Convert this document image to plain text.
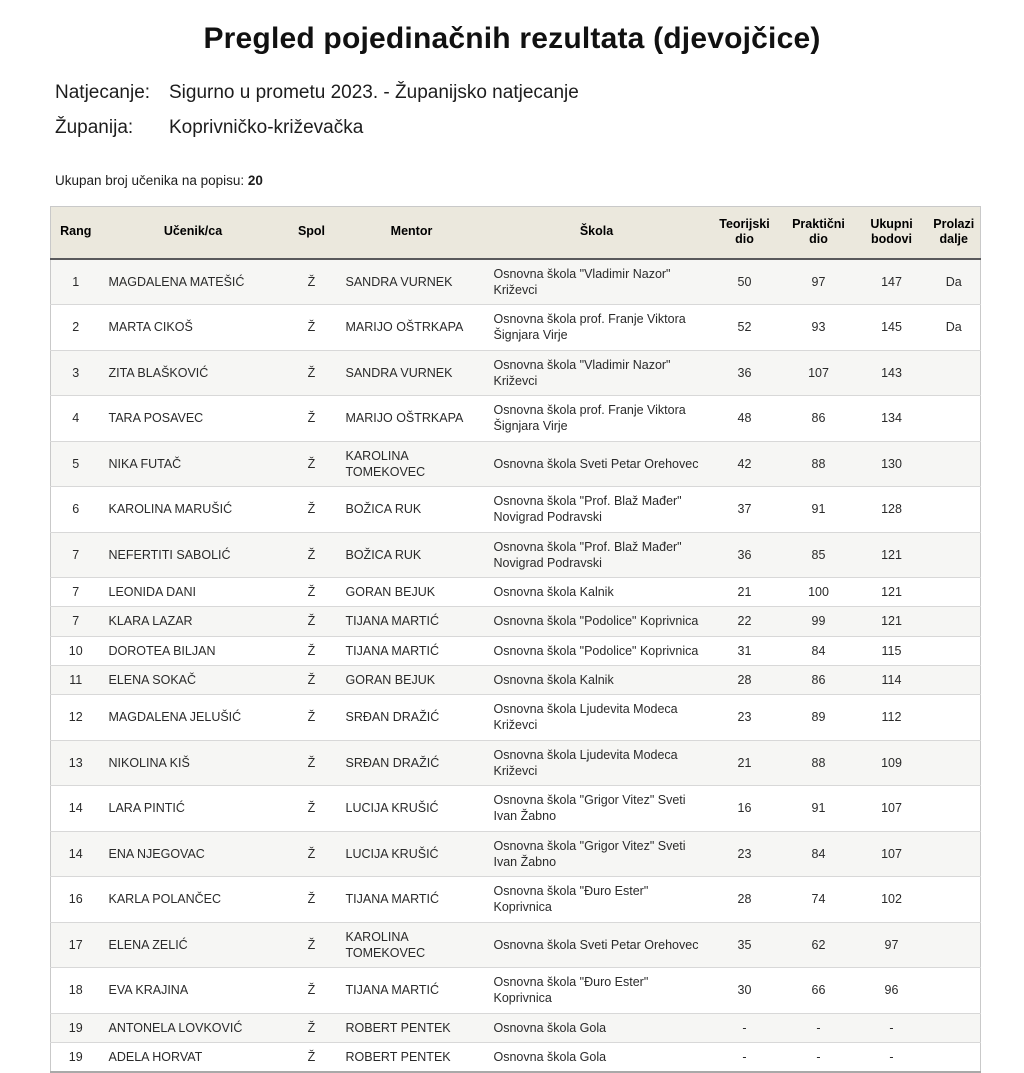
Pregled pojedinačnih rezultata (djevojčice)
Natjecanje: Sigurno u prometu 2023. - Županijsko natjecanje
Županija:	Koprivničko-križevačka
Ukupan broj učenika na popisu: 20
Rang	Učenik/ca	Spol	Mentor	Škola	Teorijski dio	Praktični dio	Ukupni bodovi	Prolazi dalje
1	MAGDALENA MATEŠIĆ	Ž	SANDRA VURNEK	Osnovna škola "Vladimir Nazor" Križevci	50	97	147	Da
2	MARTA CIKOŠ	Ž	MARIJO OŠTRKAPA	Osnovna škola prof. Franje Viktora Šignjara Virje	52	93	145	Da
3	ZITA BLAŠKOVIĆ	Ž	SANDRA VURNEK	Osnovna škola "Vladimir Nazor" Križevci	36	107	143	
4	TARA POSAVEC	Ž	MARIJO OŠTRKAPA	Osnovna škola prof. Franje Viktora Šignjara Virje	48	86	134	
5	NIKA FUTAČ	Ž	KAROLINA TOMEKOVEC	Osnovna škola Sveti Petar Orehovec	42	88	130	
6	KAROLINA MARUŠIĆ	Ž	BOŽICA RUK	Osnovna škola "Prof. Blaž Mađer" Novigrad Podravski	37	91	128	
7	NEFERTITI SABOLIĆ	Ž	BOŽICA RUK	Osnovna škola "Prof. Blaž Mađer" Novigrad Podravski	36	85	121	
7	LEONIDA DANI	Ž	GORAN BEJUK	Osnovna škola Kalnik	21	100	121	
7	KLARA LAZAR	Ž	TIJANA MARTIĆ	Osnovna škola "Podolice" Koprivnica	22	99	121	
10	DOROTEA BILJAN	Ž	TIJANA MARTIĆ	Osnovna škola "Podolice" Koprivnica	31	84	115	
11	ELENA SOKAČ	Ž	GORAN BEJUK	Osnovna škola Kalnik	28	86	114	
12	MAGDALENA JELUŠIĆ	Ž	SRĐAN DRAŽIĆ	Osnovna škola Ljudevita Modeca Križevci	23	89	112	
13	NIKOLINA KIŠ	Ž	SRĐAN DRAŽIĆ	Osnovna škola Ljudevita Modeca Križevci	21	88	109	
14	LARA PINTIĆ	Ž	LUCIJA KRUŠIĆ	Osnovna škola "Grigor Vitez" Sveti Ivan Žabno	16	91	107	
14	ENA NJEGOVAC	Ž	LUCIJA KRUŠIĆ	Osnovna škola "Grigor Vitez" Sveti Ivan Žabno	23	84	107	
16	KARLA POLANČEC	Ž	TIJANA MARTIĆ	Osnovna škola "Đuro Ester" Koprivnica	28	74	102	
17	ELENA ZELIĆ	Ž	KAROLINA TOMEKOVEC	Osnovna škola Sveti Petar Orehovec	35	62	97	
18	EVA KRAJINA	Ž	TIJANA MARTIĆ	Osnovna škola "Đuro Ester" Koprivnica	30	66	96	
19	ANTONELA LOVKOVIĆ	Ž	ROBERT PENTEK	Osnovna škola Gola	-	-	-	
19	ADELA HORVAT	Ž	ROBERT PENTEK	Osnovna škola Gola	-	-	-	
